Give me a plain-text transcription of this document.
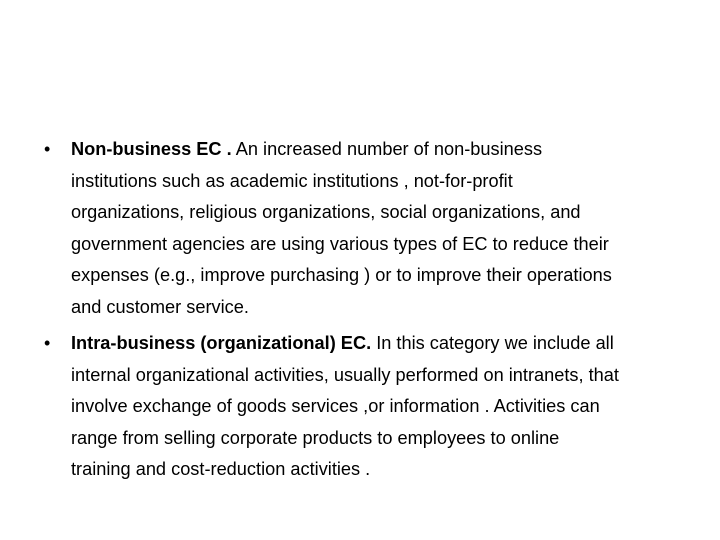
•	Non-business EC . An increased number of non-business
institutions such as academic institutions , not-for-profit
organizations, religious organizations, social organizations, and
government agencies are using various types of EC to reduce their
expenses (e.g., improve purchasing ) or to improve their operations
and customer service.
•	Intra-business (organizational) EC. In this category we include all
internal organizational activities, usually performed on intranets, that
involve exchange of goods services ,or information . Activities can
range from selling corporate products to employees to online
training and cost-reduction activities .
